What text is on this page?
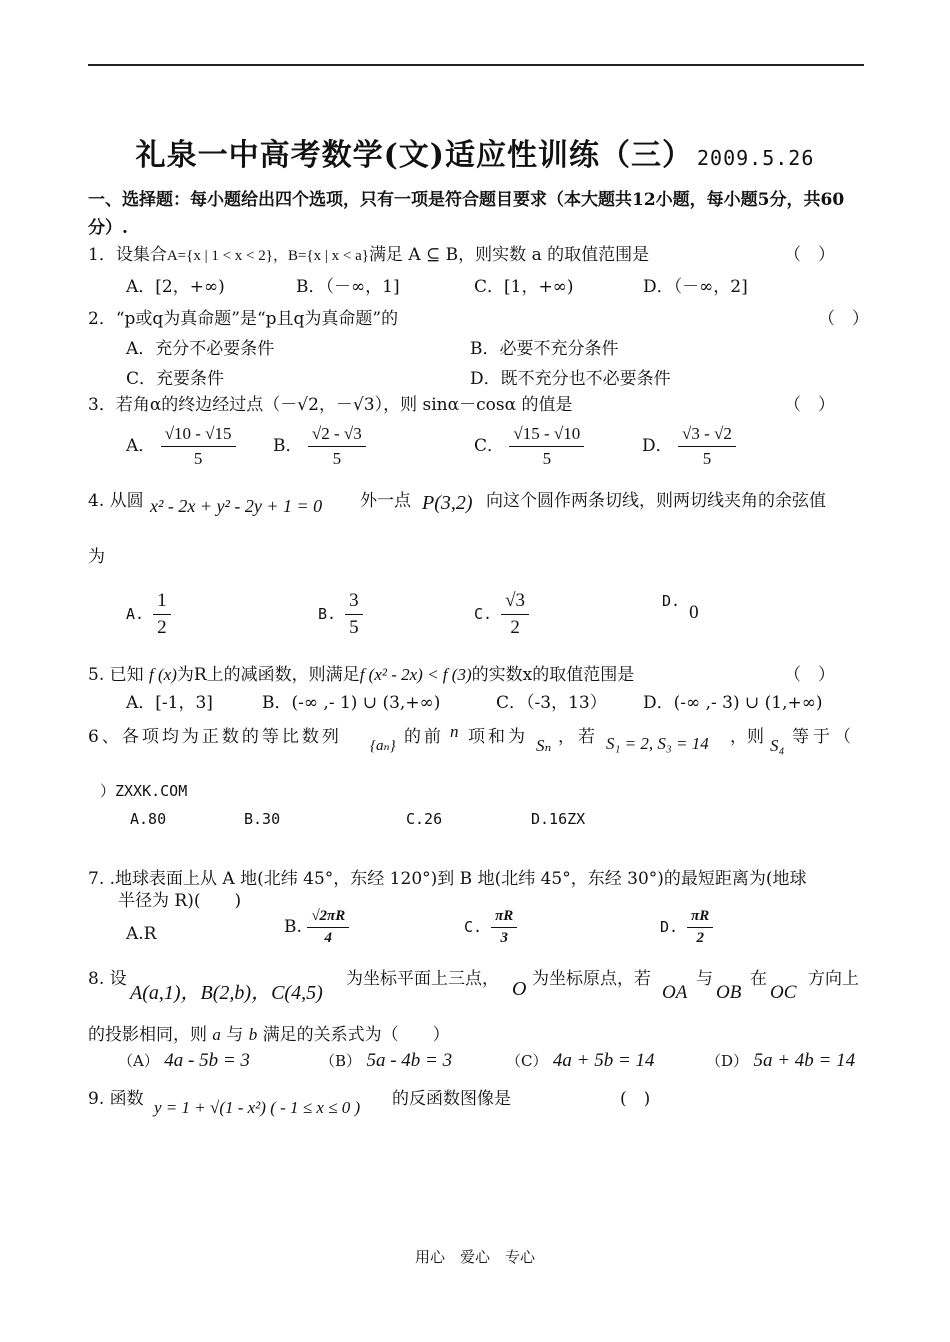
礼泉一中高考数学(文)适应性训练（三） 2009.5.26
一、选择题：每小题给出四个选项，只有一项是符合题目要求（本大题共12小题，每小题5分，共60分）.
1．设集合A={x | 1 < x < 2}，B={x | x < a}满足 A ⊆ B，则实数 a 的取值范围是	（　）
A．[2，+∞)	B．（－∞，1]	C．[1，+∞)	D．（－∞，2]
2．“p或q为真命题”是“p且q为真命题”的	（　）
A．充分不必要条件	B．必要不充分条件
C．充要条件	D．既不充分也不必要条件
3．若角α的终边经过点（－√2，－√3），则 sinα－cosα 的值是	（　）
A． $\frac{√10 - √15}{5}$ B． $\frac{√2 - √3}{5}$	C． $\frac{√15 - √10}{5}$	D． $\frac{√3 - √2}{5}$
4. 从圆 x² - 2x + y² - 2y + 1 = 0 外一点 P(3,2) 向这个圆作两条切线，则两切线夹角的余弦值
为
A. $\frac{1}{2}$	B. $\frac{3}{5}$	C. $\frac{√3}{2}$	D. 0
5. 已知 f (x)为R上的减函数，则满足f (x² - 2x) < f (3)的实数x的取值范围是	（　）
A．[-1，3]	B．(-∞ ,- 1) ∪ (3,+∞)	C．（-3，13） D．(-∞ ,- 3) ∪ (1,+∞)
6、各项均为正数的等比数列 {aₙ} 的前 n 项和为 Sₙ ，若 S₁ = 2, S₃ = 14 ，则 S₄ 等于（
）ZXXK.COM
A.80	B.30	C.26	D.16ZX
7. .地球表面上从 A 地(北纬 45°，东经 120°)到 B 地(北纬 45°，东经 30°)的最短距离为(地球
半径为 R)(　　)
A.R	B. $\frac{√2\pi R}{4}$	C. $\frac{\pi R}{3}$	D. $\frac{\pi R}{2}$
8. 设
A(a,1)，B(2,b)，C(4,5)
为坐标平面上三点， O 为坐标原点，若
OA
与
OB
在
OC
方向上
的投影相同，则 a 与 b 满足的关系式为（　　）
（A） 4a - 5b = 3	（B） 5a - 4b = 3	（C） 4a + 5b = 14	（D） 5a + 4b = 14
9. 函数 y = 1 + √(1 - x²) ( - 1 ≤ x ≤ 0 ) 的反函数图像是	(　)
用心　爱心　专心
